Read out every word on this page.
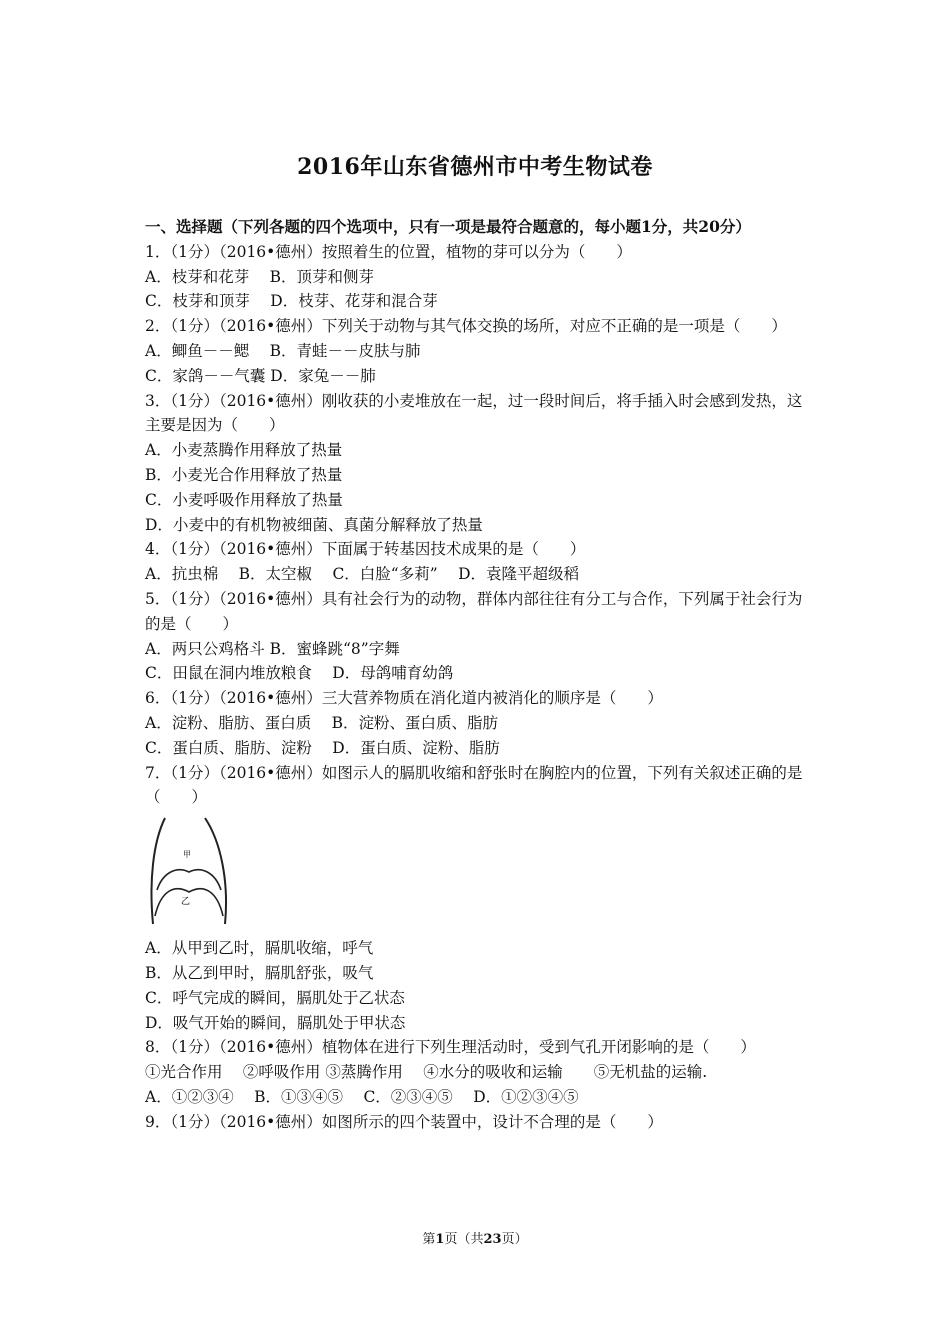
2016年山东省德州市中考生物试卷
一、选择题（下列各题的四个选项中，只有一项是最符合题意的，每小题1分，共20分）
1．（1分）（2016•德州）按照着生的位置，植物的芽可以分为（　　）
A．枝芽和花芽　 B．顶芽和侧芽
C．枝芽和顶芽　 D．枝芽、花芽和混合芽
2．（1分）（2016•德州）下列关于动物与其气体交换的场所，对应不正确的是一项是（　　）
A．鲫鱼－－鳃　 B．青蛙－－皮肤与肺
C．家鸽－－气囊 D．家兔－－肺
3．（1分）（2016•德州）刚收获的小麦堆放在一起，过一段时间后，将手插入时会感到发热，这主要是因为（　　）
A．小麦蒸腾作用释放了热量
B．小麦光合作用释放了热量
C．小麦呼吸作用释放了热量
D．小麦中的有机物被细菌、真菌分解释放了热量
4．（1分）（2016•德州）下面属于转基因技术成果的是（　　）
A．抗虫棉　 B．太空椒　 C．白脸“多莉”　 D．袁隆平超级稻
5．（1分）（2016•德州）具有社会行为的动物，群体内部往往有分工与合作，下列属于社会行为的是（　　）
A．两只公鸡格斗 B．蜜蜂跳“8”字舞
C．田鼠在洞内堆放粮食　 D．母鸽哺育幼鸽
6．（1分）（2016•德州）三大营养物质在消化道内被消化的顺序是（　　）
A．淀粉、脂肪、蛋白质　 B．淀粉、蛋白质、脂肪
C．蛋白质、脂肪、淀粉　 D．蛋白质、淀粉、脂肪
7．（1分）（2016•德州）如图示人的膈肌收缩和舒张时在胸腔内的位置，下列有关叙述正确的是（　　）
甲
乙
A．从甲到乙时，膈肌收缩，呼气
B．从乙到甲时，膈肌舒张，吸气
C．呼气完成的瞬间，膈肌处于乙状态
D．吸气开始的瞬间，膈肌处于甲状态
8．（1分）（2016•德州）植物体在进行下列生理活动时，受到气孔开闭影响的是（　　）
①光合作用　 ②呼吸作用 ③蒸腾作用　 ④水分的吸收和运输　　⑤无机盐的运输.
A．①②③④　 B．①③④⑤　 C．②③④⑤　 D．①②③④⑤
9．（1分）（2016•德州）如图所示的四个装置中，设计不合理的是（　　）
第1页（共23页）
